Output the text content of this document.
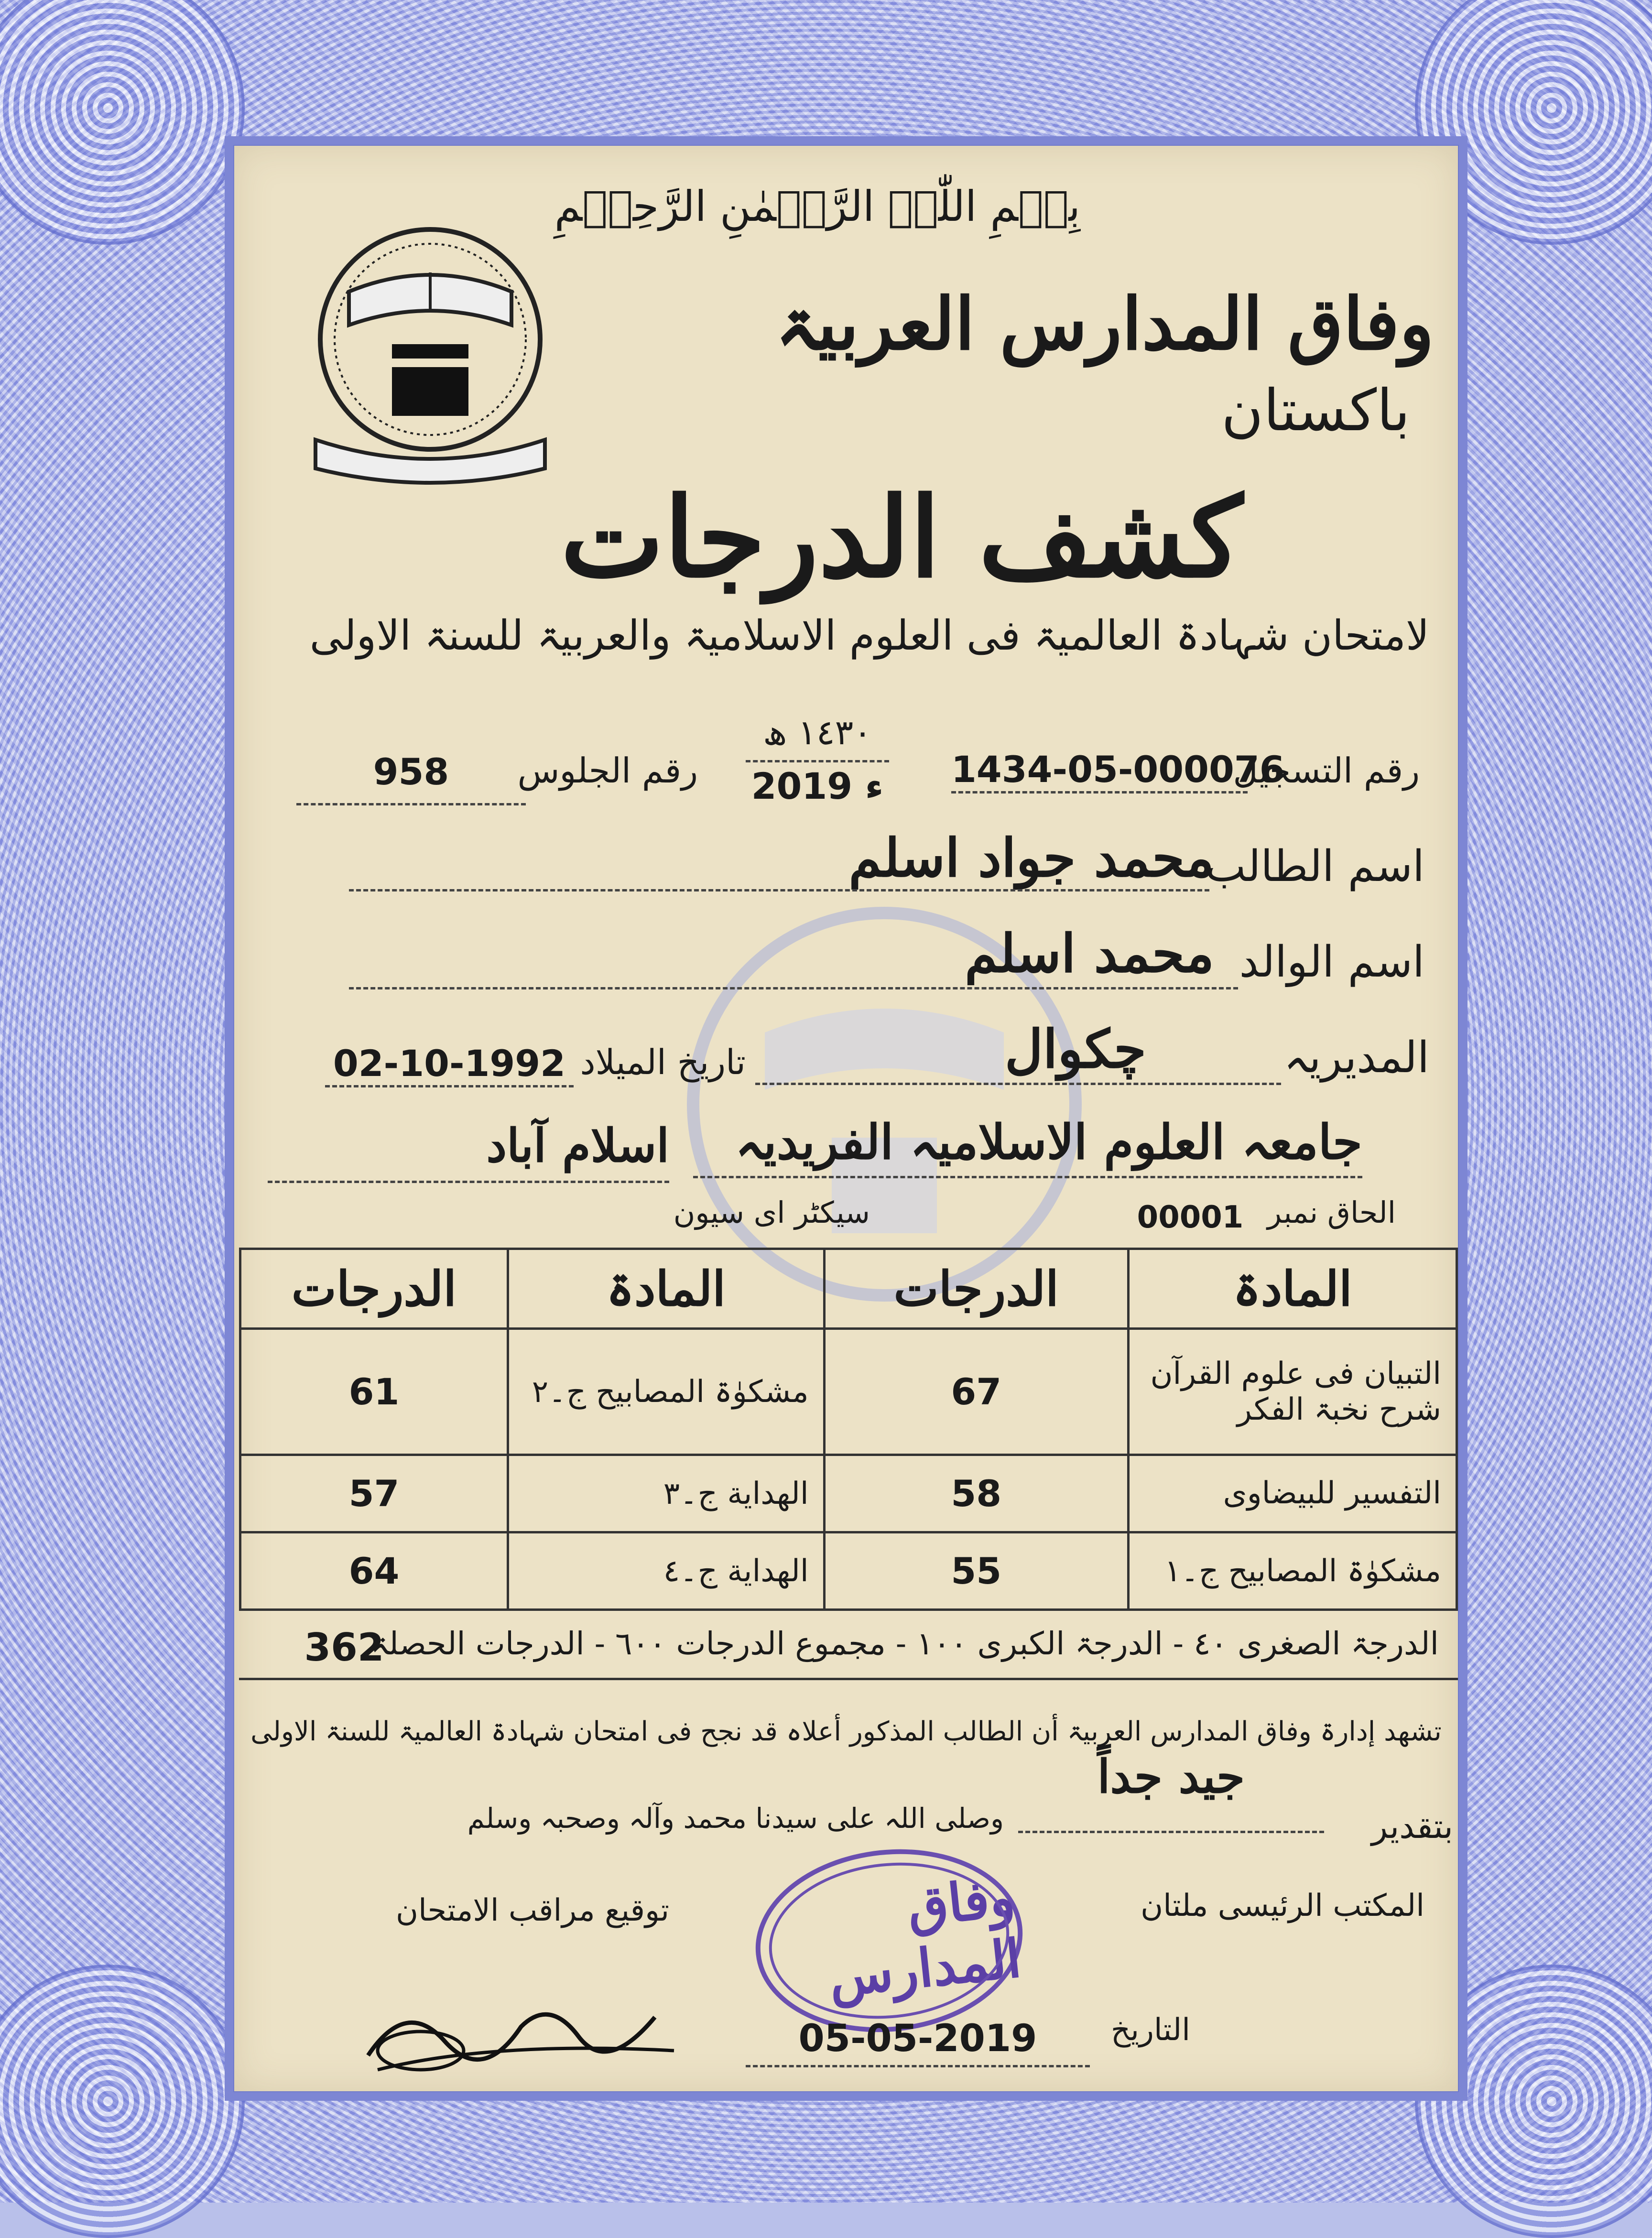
بِسۡمِ اللّٰہِ الرَّحۡمٰنِ الرَّحِیۡمِ
وفاق المدارس العربیۃ
باکستان
کشف الدرجات
لامتحان شہادۃ العالمیۃ فی العلوم الاسلامیۃ والعربیۃ للسنۃ الاولی
رقم التسجیل
1434-05-000076
١٤٣٠ ھ
2019 ء
رقم الجلوس
958
اسم الطالب
محمد جواد اسلم
اسم الوالد
محمد اسلم
المدیریہ
چکوال
تاریخ المیلاد
02-10-1992
جامعہ العلوم الاسلامیہ الفریدیہ
اسلام آباد
الحاق نمبر
00001
سیکٹر ای سیون
المادۃ	الدرجات	المادۃ	الدرجات
التبیان فی علوم القرآن شرح نخبۃ الفکر	67	مشکوٰۃ المصابیح ج۔٢	61
التفسیر للبیضاوی	58	الهدایة ج۔٣	57
مشکوٰۃ المصابیح ج۔١	55	الهدایة ج۔٤	64
الدرجۃ الصغری ٤٠ - الدرجۃ الکبری ١٠٠ - مجموع الدرجات ٦٠٠ - الدرجات الحصلۃ
362
تشهد إدارۃ وفاق المدارس العربیۃ أن الطالب المذکور أعلاہ قد نجح فی امتحان شہادۃ العالمیۃ للسنۃ الاولی
بتقدیر
جید جداً
وصلی اللہ علی سیدنا محمد وآلہ وصحبہ وسلم
المکتب الرئیسی ملتان
توقیع مراقب الامتحان	وفاق المدارس
التاریخ
05-05-2019
